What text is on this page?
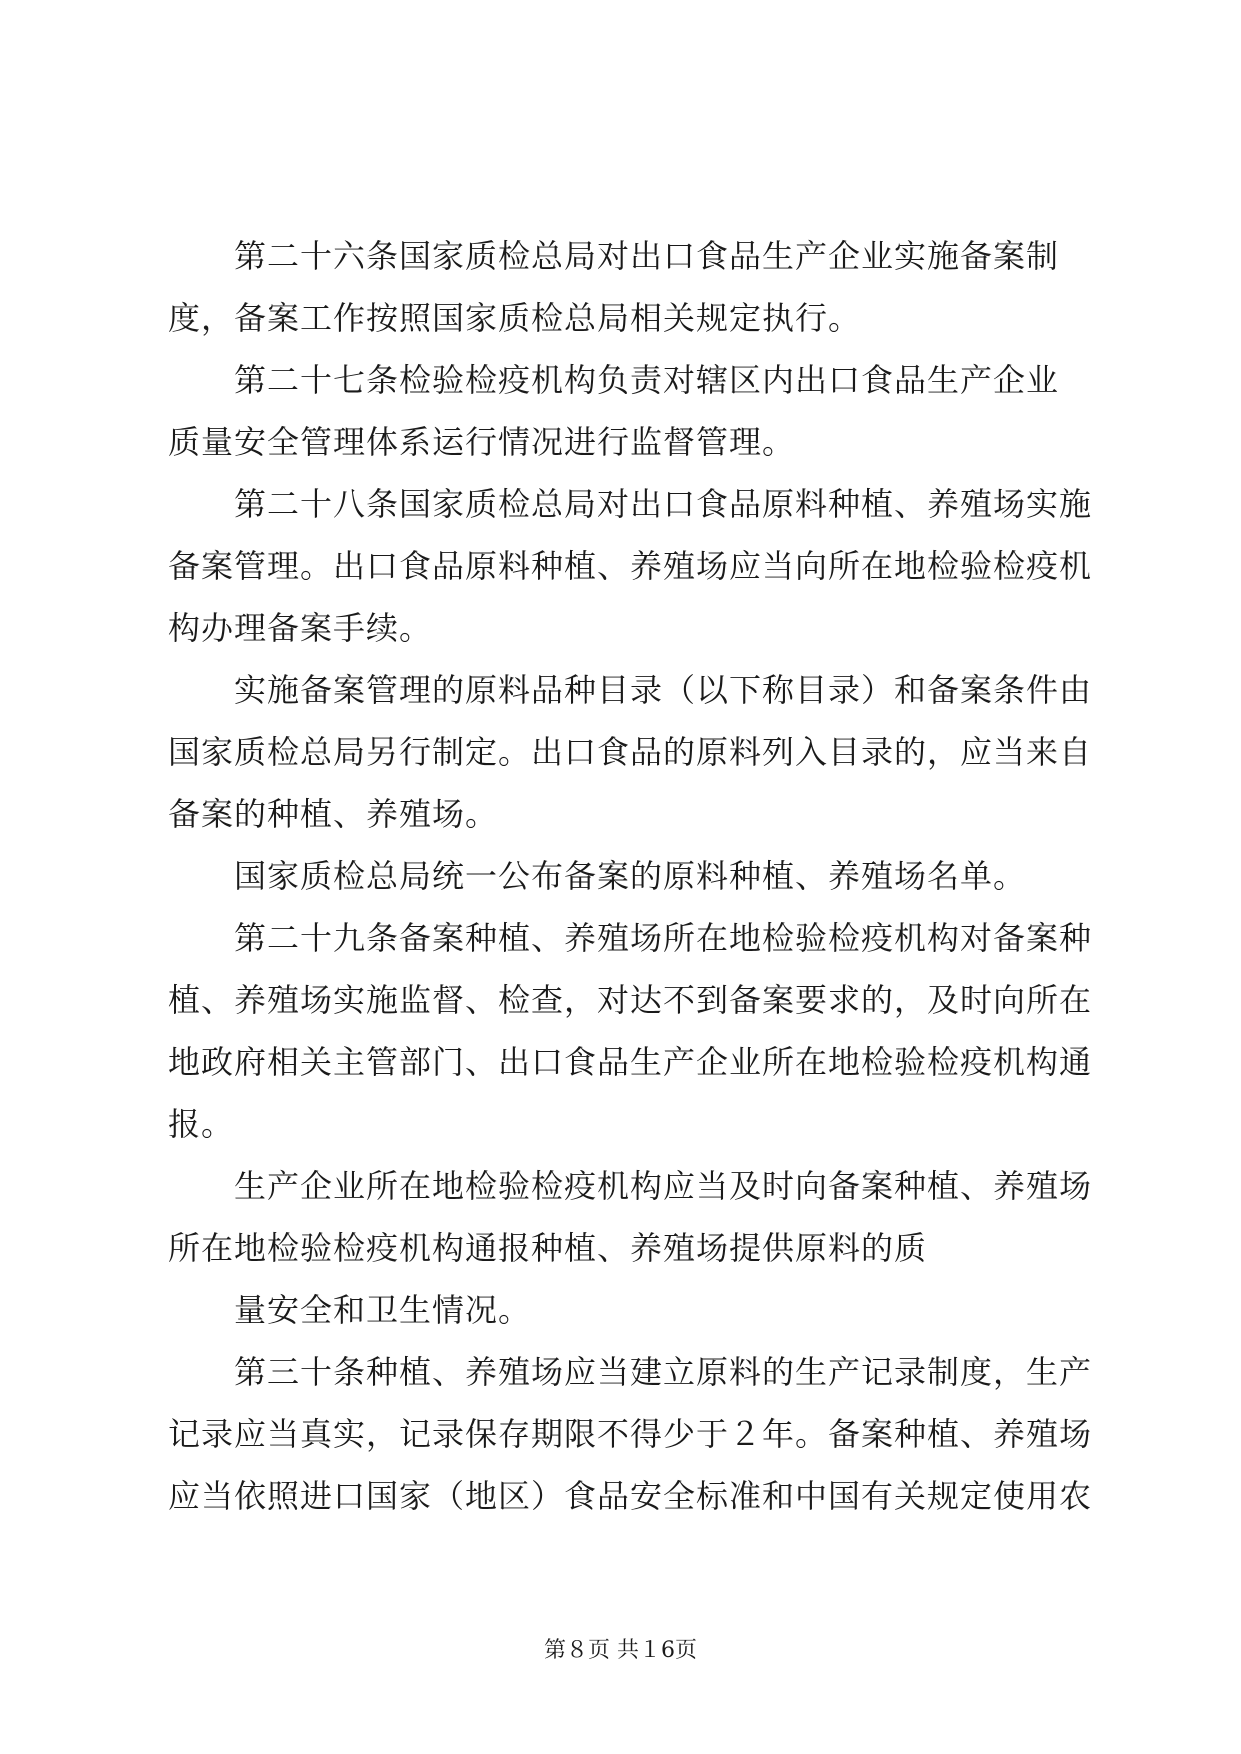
第二十六条国家质检总局对出口食品生产企业实施备案制
度，备案工作按照国家质检总局相关规定执行。
第二十七条检验检疫机构负责对辖区内出口食品生产企业
质量安全管理体系运行情况进行监督管理。
第二十八条国家质检总局对出口食品原料种植、养殖场实施
备案管理。出口食品原料种植、养殖场应当向所在地检验检疫机
构办理备案手续。
实施备案管理的原料品种目录（以下称目录）和备案条件由
国家质检总局另行制定。出口食品的原料列入目录的，应当来自
备案的种植、养殖场。
国家质检总局统一公布备案的原料种植、养殖场名单。
第二十九条备案种植、养殖场所在地检验检疫机构对备案种
植、养殖场实施监督、检查，对达不到备案要求的，及时向所在
地政府相关主管部门、出口食品生产企业所在地检验检疫机构通
报。
生产企业所在地检验检疫机构应当及时向备案种植、养殖场
所在地检验检疫机构通报种植、养殖场提供原料的质
量安全和卫生情况。
第三十条种植、养殖场应当建立原料的生产记录制度，生产
记录应当真实，记录保存期限不得少于２年。备案种植、养殖场
应当依照进口国家（地区）食品安全标准和中国有关规定使用农
第８页 共１6页
